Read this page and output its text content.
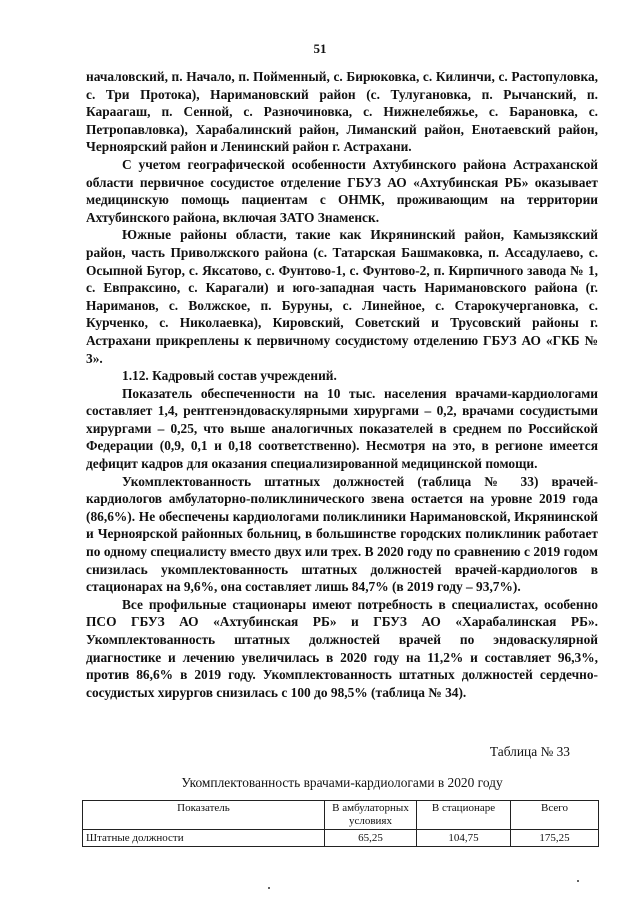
51

началовский, п. Начало, п. Пойменный, с. Бирюковка, с. Килинчи, с. Растопуловка, с. Три Протока), Наримановский район (с. Тулугановка, п. Рычанский, п. Караагаш, п. Сенной, с. Разночиновка, с. Нижнелебяжье, с. Барановка, с. Петропавловка), Харабалинский район, Лиманский район, Енотаевский район, Черноярский район и Ленинский район г. Астрахани.

С учетом географической особенности Ахтубинского района Астраханской области первичное сосудистое отделение ГБУЗ АО «Ахтубинская РБ» оказывает медицинскую помощь пациентам с ОНМК, проживающим на территории Ахтубинского района, включая ЗАТО Знаменск.

Южные районы области, такие как Икрянинский район, Камызякский район, часть Приволжского района (с. Татарская Башмаковка, п. Ассадулаево, с. Осыпной Бугор, с. Яксатово, с. Фунтово-1, с. Фунтово-2, п. Кирпичного завода № 1, с. Евпраксино, с. Карагали) и юго-западная часть Наримановского района (г. Нариманов, с. Волжское, п. Буруны, с. Линейное, с. Старокучергановка, с. Курченко, с. Николаевка), Кировский, Советский и Трусовский районы г. Астрахани прикреплены к первичному сосудистому отделению ГБУЗ АО «ГКБ № 3».

1.12. Кадровый состав учреждений.

Показатель обеспеченности на 10 тыс. населения врачами-кардиологами составляет 1,4, рентгенэндоваскулярными хирургами – 0,2, врачами сосудистыми хирургами – 0,25, что выше аналогичных показателей в среднем по Российской Федерации (0,9, 0,1 и 0,18 соответственно). Несмотря на это, в регионе имеется дефицит кадров для оказания специализированной медицинской помощи.

Укомплектованность штатных должностей (таблица № 33) врачей-кардиологов амбулаторно-поликлинического звена остается на уровне 2019 года (86,6%). Не обеспечены кардиологами поликлиники Наримановской, Икрянинской и Черноярской районных больниц, в большинстве городских поликлиник работает по одному специалисту вместо двух или трех. В 2020 году по сравнению с 2019 годом снизилась укомплектованность штатных должностей врачей-кардиологов в стационарах на 9,6%, она составляет лишь 84,7% (в 2019 году – 93,7%).

Все профильные стационары имеют потребность в специалистах, особенно ПСО ГБУЗ АО «Ахтубинская РБ» и ГБУЗ АО «Харабалинская РБ». Укомплектованность штатных должностей врачей по эндоваскулярной диагностике и лечению увеличилась в 2020 году на 11,2% и составляет 96,3%, против 86,6% в 2019 году. Укомплектованность штатных должностей сердечно-сосудистых хирургов снизилась с 100 до 98,5% (таблица № 34).

Таблица № 33
Укомплектованность врачами-кардиологами в 2020 году
Показатель	В амбулаторных условиях	В стационаре	Всего
Штатные должности	65,25	104,75	175,25
